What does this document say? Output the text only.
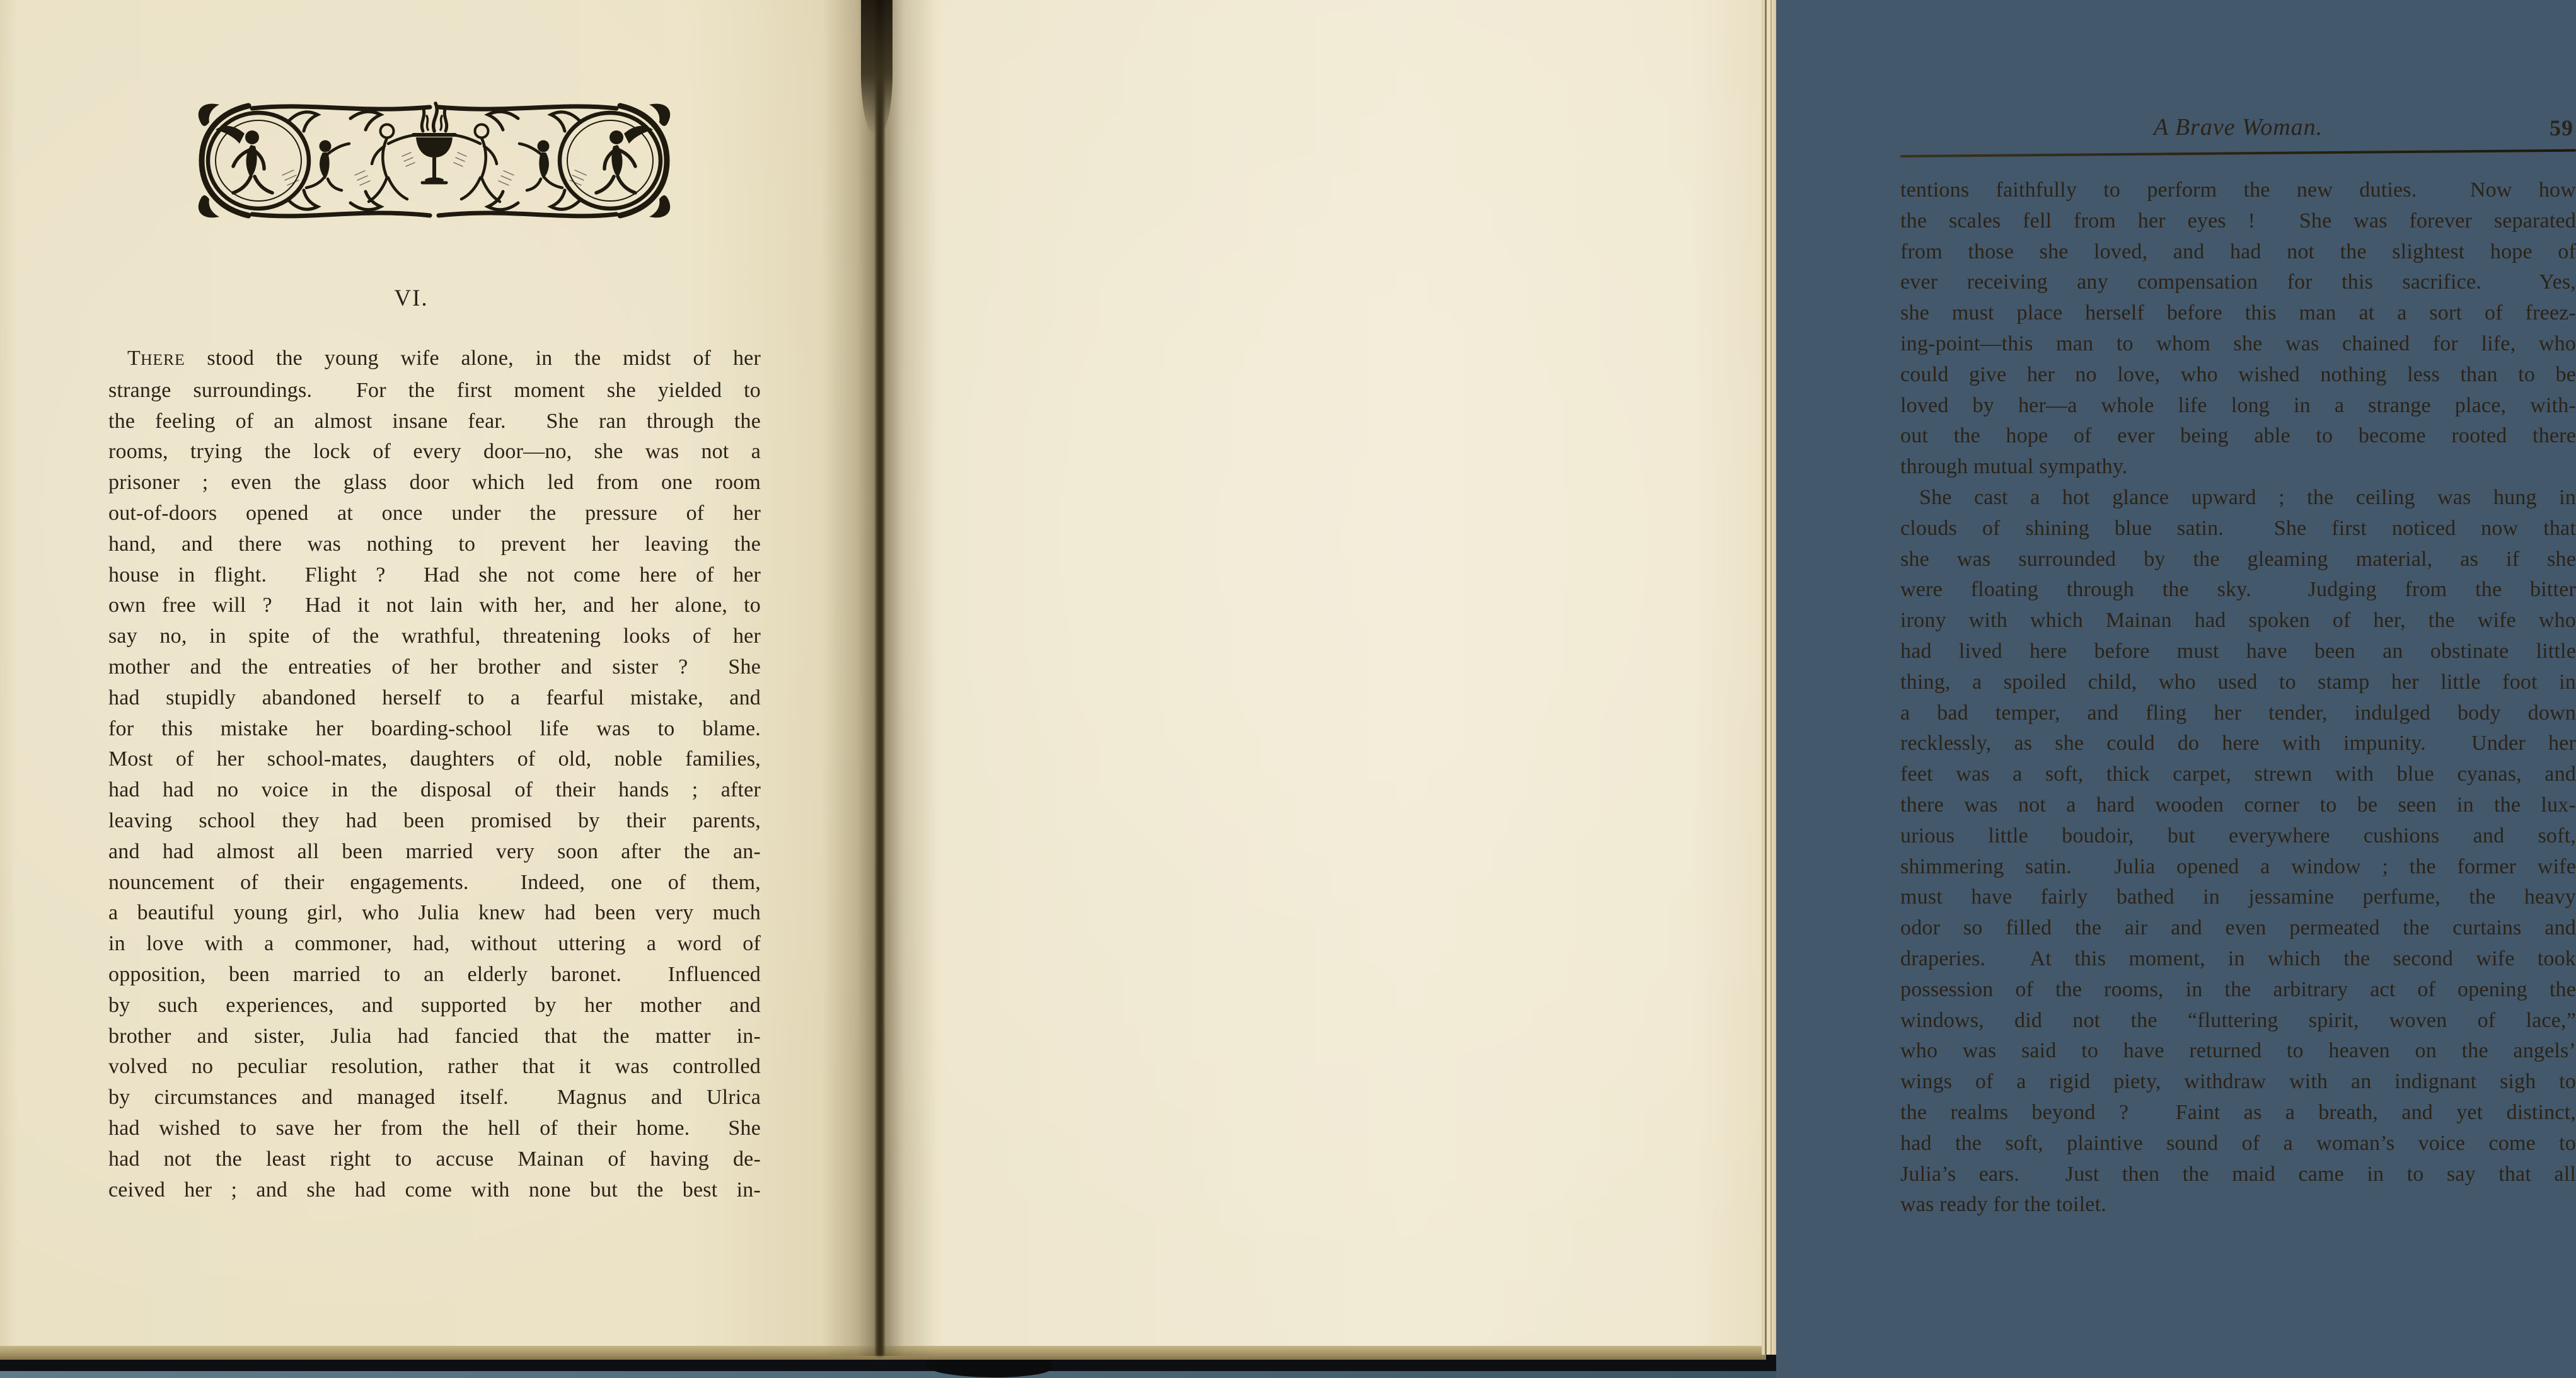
VI.
THERE stood the young wife alone, in the midst of her
strange surroundings.  For the first moment she yielded to
the feeling of an almost insane fear.  She ran through the
rooms, trying the lock of every door—no, she was not a
prisoner ; even the glass door which led from one room
out-of-doors opened at once under the pressure of her
hand, and there was nothing to prevent her leaving the
house in flight.  Flight ?  Had she not come here of her
own free will ?  Had it not lain with her, and her alone, to
say no, in spite of the wrathful, threatening looks of her
mother and the entreaties of her brother and sister ?  She
had stupidly abandoned herself to a fearful mistake, and
for this mistake her boarding-school life was to blame.
Most of her school-mates, daughters of old, noble families,
had had no voice in the disposal of their hands ; after
leaving school they had been promised by their parents,
and had almost all been married very soon after the an-
nouncement of their engagements.  Indeed, one of them,
a beautiful young girl, who Julia knew had been very much
in love with a commoner, had, without uttering a word of
opposition, been married to an elderly baronet.  Influenced
by such experiences, and supported by her mother and
brother and sister, Julia had fancied that the matter in-
volved no peculiar resolution, rather that it was controlled
by circumstances and managed itself.  Magnus and Ulrica
had wished to save her from the hell of their home.  She
had not the least right to accuse Mainan of having de-
ceived her ; and she had come with none but the best in-
A Brave Woman.	59
tentions faithfully to perform the new duties.  Now how
the scales fell from her eyes !  She was forever separated
from those she loved, and had not the slightest hope of
ever receiving any compensation for this sacrifice.  Yes,
she must place herself before this man at a sort of freez-
ing-point—this man to whom she was chained for life, who
could give her no love, who wished nothing less than to be
loved by her—a whole life long in a strange place, with-
out the hope of ever being able to become rooted there
through mutual sympathy.
She cast a hot glance upward ; the ceiling was hung in
clouds of shining blue satin.  She first noticed now that
she was surrounded by the gleaming material, as if she
were floating through the sky.  Judging from the bitter
irony with which Mainan had spoken of her, the wife who
had lived here before must have been an obstinate little
thing, a spoiled child, who used to stamp her little foot in
a bad temper, and fling her tender, indulged body down
recklessly, as she could do here with impunity.  Under her
feet was a soft, thick carpet, strewn with blue cyanas, and
there was not a hard wooden corner to be seen in the lux-
urious little boudoir, but everywhere cushions and soft,
shimmering satin.  Julia opened a window ; the former wife
must have fairly bathed in jessamine perfume, the heavy
odor so filled the air and even permeated the curtains and
draperies.  At this moment, in which the second wife took
possession of the rooms, in the arbitrary act of opening the
windows, did not the “fluttering spirit, woven of lace,”
who was said to have returned to heaven on the angels’
wings of a rigid piety, withdraw with an indignant sigh to
the realms beyond ?  Faint as a breath, and yet distinct,
had the soft, plaintive sound of a woman’s voice come to
Julia’s ears.  Just then the maid came in to say that all
was ready for the toilet.
